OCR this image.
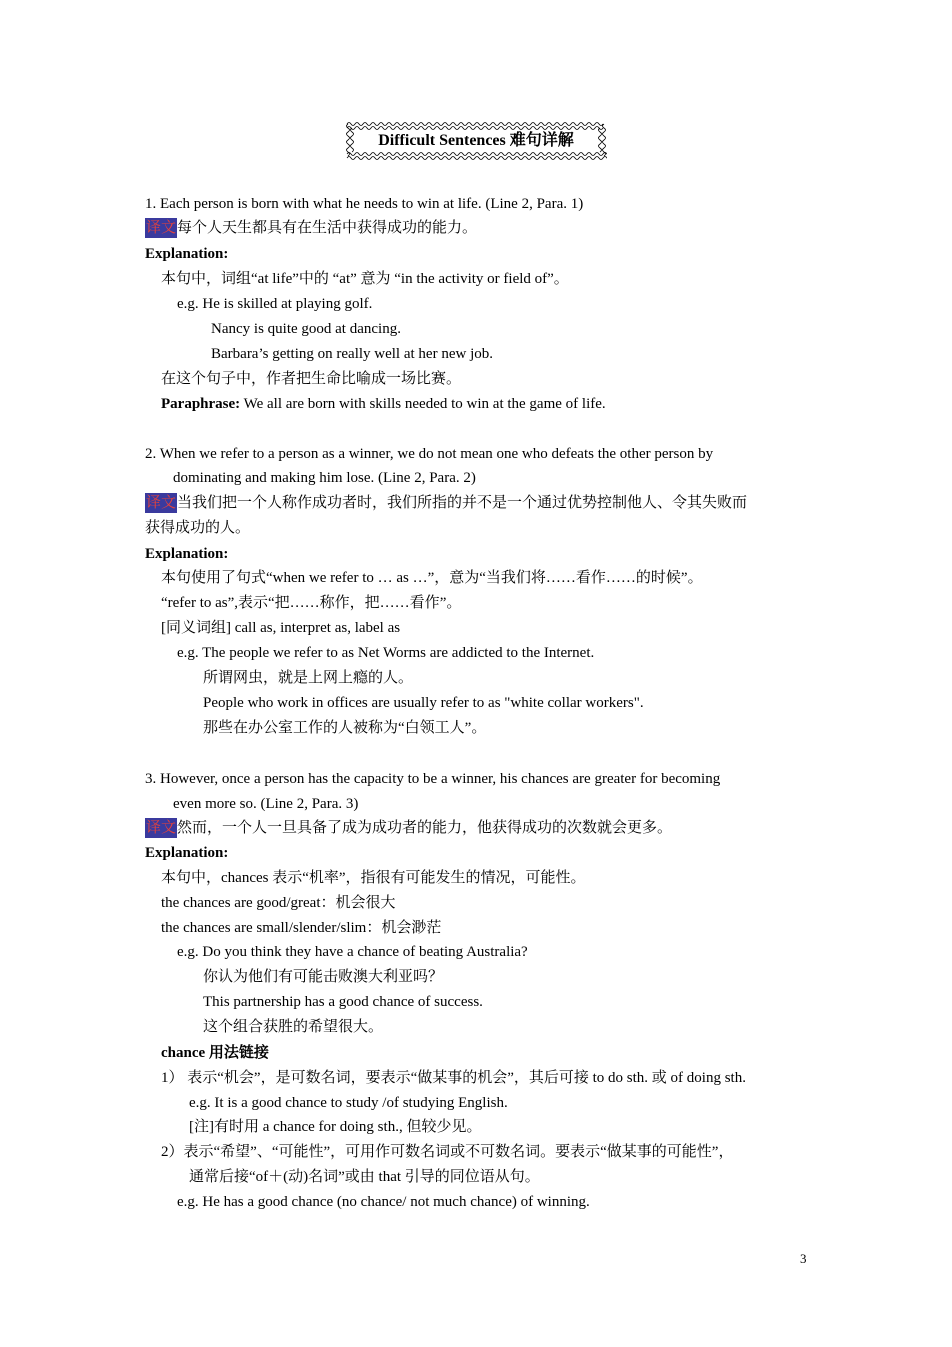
Difficult Sentences 难句详解
1. Each person is born with what he needs to win at life. (Line 2, Para. 1)
译文每个人天生都具有在生活中获得成功的能力。
Explanation:
本句中，词组“at life”中的 “at” 意为 “in the activity or field of”。
e.g. He is skilled at playing golf.
Nancy is quite good at dancing.
Barbara’s getting on really well at her new job.
在这个句子中，作者把生命比喻成一场比赛。
Paraphrase: We all are born with skills needed to win at the game of life.
2. When we refer to a person as a winner, we do not mean one who defeats the other person by
dominating and making him lose. (Line 2, Para. 2)
译文当我们把一个人称作成功者时，我们所指的并不是一个通过优势控制他人、令其失败而
获得成功的人。
Explanation:
本句使用了句式“when we refer to … as …”，意为“当我们将……看作……的时候”。
“refer to as”,表示“把……称作，把……看作”。
[同义词组] call as, interpret as, label as
e.g. The people we refer to as Net Worms are addicted to the Internet.
所谓网虫，就是上网上瘾的人。
People who work in offices are usually refer to as "white collar workers".
那些在办公室工作的人被称为“白领工人”。
3. However, once a person has the capacity to be a winner, his chances are greater for becoming
even more so. (Line 2, Para. 3)
译文然而，一个人一旦具备了成为成功者的能力，他获得成功的次数就会更多。
Explanation:
本句中，chances 表示“机率”，指很有可能发生的情况，可能性。
the chances are good/great：机会很大
the chances are small/slender/slim：机会渺茫
e.g. Do you think they have a chance of beating Australia?
你认为他们有可能击败澳大利亚吗？
This partnership has a good chance of success.
这个组合获胜的希望很大。
chance 用法链接
1） 表示“机会”，是可数名词，要表示“做某事的机会”，其后可接 to do sth. 或 of doing sth.
e.g. It is a good chance to study /of studying English.
[注]有时用 a chance for doing sth., 但较少见。
2）表示“希望”、“可能性”，可用作可数名词或不可数名词。要表示“做某事的可能性”，
通常后接“of＋(动)名词”或由 that 引导的同位语从句。
e.g. He has a good chance (no chance/ not much chance) of winning.
3
